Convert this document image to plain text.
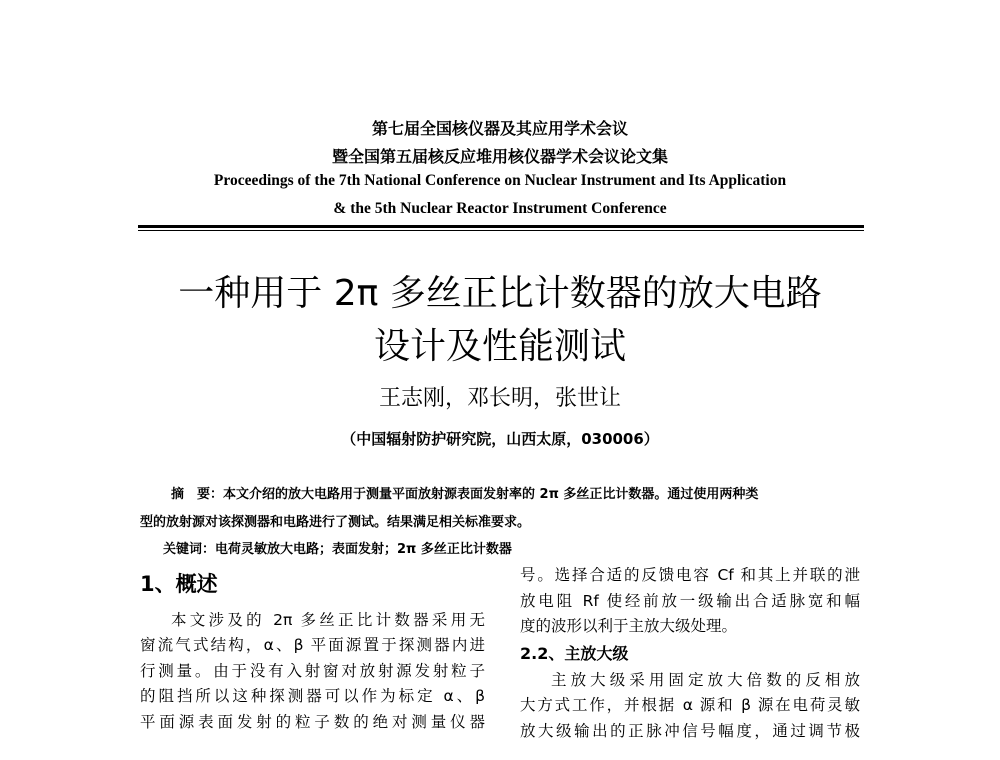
第七届全国核仪器及其应用学术会议
暨全国第五届核反应堆用核仪器学术会议论文集
Proceedings of the 7th National Conference on Nuclear Instrument and Its Application
& the 5th Nuclear Reactor Instrument Conference
一种用于 2π 多丝正比计数器的放大电路
设计及性能测试
王志刚，邓长明，张世让
（中国辐射防护研究院，山西太原，030006）
摘　要：本文介绍的放大电路用于测量平面放射源表面发射率的 2π 多丝正比计数器。通过使用两种类
型的放射源对该探测器和电路进行了测试。结果满足相关标准要求。
关键词：电荷灵敏放大电路；表面发射；2π 多丝正比计数器
1、概述

本文涉及的 2π 多丝正比计数器采用无

窗流气式结构，α、β 平面源置于探测器内进

行测量。由于没有入射窗对放射源发射粒子

的阻挡所以这种探测器可以作为标定 α、β

平面源表面发射的粒子数的绝对测量仪器

号。选择合适的反馈电容 Cf 和其上并联的泄

放电阻 Rf 使经前放一级输出合适脉宽和幅

度的波形以利于主放大级处理。

2.2、主放大级

主放大级采用固定放大倍数的反相放

大方式工作，并根据 α 源和 β 源在电荷灵敏

放大级输出的正脉冲信号幅度，通过调节极
